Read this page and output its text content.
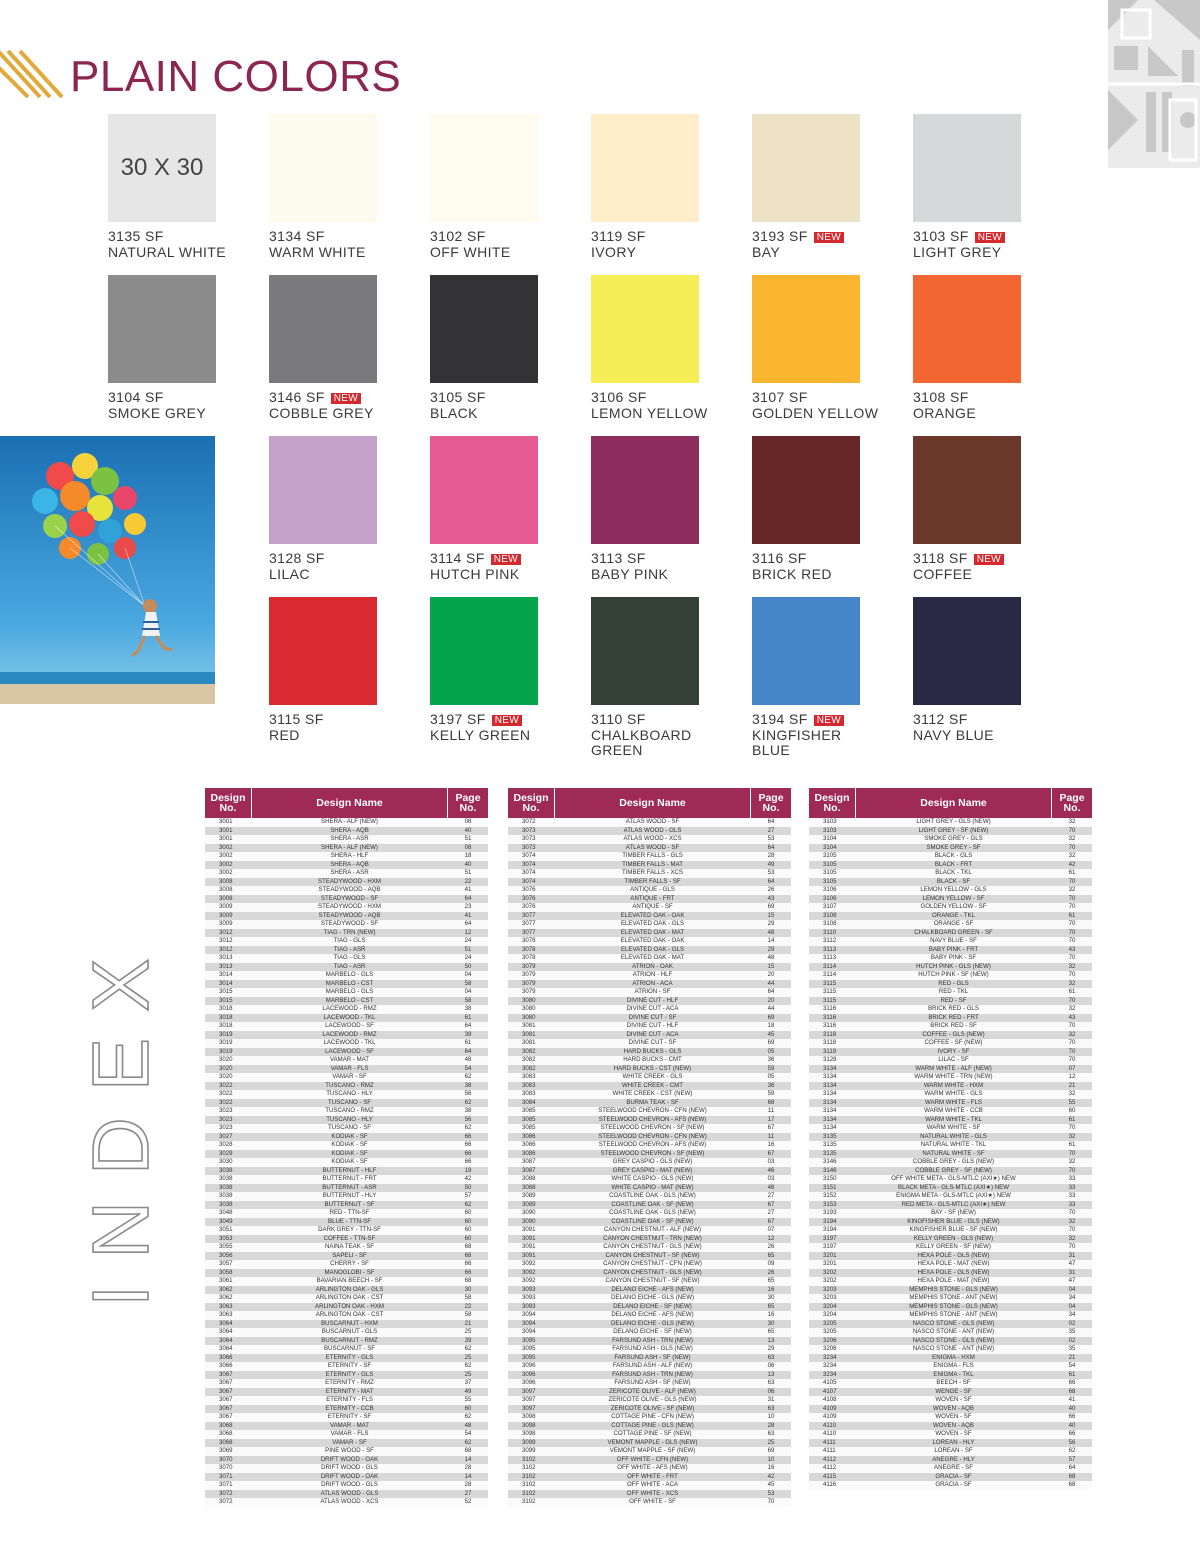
PLAIN COLORS
30 X 30
3135 SF
NATURAL WHITE
3134 SF
WARM WHITE
3102 SF
OFF WHITE
3119 SF
IVORY
3193 SF NEW
BAY
3103 SF NEW
LIGHT GREY
3104 SF
SMOKE GREY
3146 SF NEW
COBBLE GREY
3105 SF
BLACK
3106 SF
LEMON YELLOW
3107 SF
GOLDEN YELLOW
3108 SF
ORANGE
3128 SF
LILAC
3114 SF NEW
HUTCH PINK
3113 SF
BABY PINK
3116 SF
BRICK RED
3118 SF NEW
COFFEE
3115 SF
RED
3197 SF NEW
KELLY GREEN
3110 SF
CHALKBOARD GREEN
3194 SF NEW
KINGFISHER BLUE
3112 SF
NAVY BLUE
INDEX
Design No.	Design Name	Page No.
3001	SHERA - ALF (NEW)	08
3001	SHERA - AQB	40
3001	SHERA - ASR	51
3002	SHERA - ALF (NEW)	08
3002	SHERA - HLF	18
3002	SHERA - AQB	40
3002	SHERA - ASR	51
3008	STEADYWOOD - HXM	22
3008	STEADYWOOD - AQB	41
3008	STEADYWOOD - SF	64
3009	STEADYWOOD - HXM	23
3009	STEADYWOOD - AQB	41
3009	STEADYWOOD - SF	64
3012	TIAG - TRN (NEW)	12
3012	TIAG - GLS	24
3012	TIAG - ASR	51
3013	TIAG - GLS	24
3013	TIAG - ASR	50
3014	MARBELO - GLS	04
3014	MARBELO - CST	58
3015	MARBELO - GLS	04
3015	MARBELO - CST	58
3018	LACEWOOD - RMZ	38
3018	LACEWOOD - TKL	61
3018	LACEWOOD - SF	64
3019	LACEWOOD - RMZ	39
3019	LACEWOOD - TKL	61
3019	LACEWOOD - SF	64
3020	VAMAR - MAT	48
3020	VAMAR - FLS	54
3020	VAMAR - SF	62
3022	TUSCANO - RMZ	38
3022	TUSCANO - HLY	56
3022	TUSCANO - SF	62
3023	TUSCANO - RMZ	38
3023	TUSCANO - HLY	56
3023	TUSCANO - SF	62
3027	KODIAK - SF	66
3028	KODIAK - SF	66
3029	KODIAK - SF	66
3030	KODIAK - SF	66
3038	BUTTERNUT - HLF	19
3038	BUTTERNUT - FRT	42
3038	BUTTERNUT - ASR	50
3038	BUTTERNUT - HLY	57
3038	BUTTERNUT - SF	62
3048	RED - TTN-SF	60
3049	BLUE - TTN-SF	60
3051	DARK GREY - TTN-SF	60
3053	COFFEE - TTN-SF	60
3055	NAINA TEAK - SF	68
3056	SAPELI - SF	68
3057	CHERRY - SF	66
3058	MANOGLOBI - SF	66
3061	BAVARIAN BEECH - SF	68
3062	ARLINGTON OAK - GLS	30
3062	ARLINGTON OAK - CST	58
3063	ARLINGTON OAK - HXM	22
3063	ARLINGTON OAK - CST	58
3064	BUSCARNUT - HXM	21
3064	BUSCARNUT - GLS	25
3064	BUSCARNUT - RMZ	39
3064	BUSCARNUT - SF	62
3066	ETERNITY - GLS	25
3066	ETERNITY - SF	62
3067	ETERNITY - GLS	25
3067	ETERNITY - RMZ	37
3067	ETERNITY - MAT	49
3067	ETERNITY - FLS	55
3067	ETERNITY - CCB	60
3067	ETERNITY - SF	62
3068	VAMAR - MAT	48
3068	VAMAR - FLS	54
3068	VAMAR - SF	62
3069	PINE WOOD - SF	68
3070	DRIFT WOOD - OAK	14
3070	DRIFT WOOD - GLS	28
3071	DRIFT WOOD - OAK	14
3071	DRIFT WOOD - GLS	28
3072	ATLAS WOOD - GLS	27
3072	ATLAS WOOD - XCS	52
Design No.	Design Name	Page No.
3072	ATLAS WOOD - SF	64
3073	ATLAS WOOD - GLS	27
3073	ATLAS WOOD - XCS	53
3073	ATLAS WOOD - SF	64
3074	TIMBER FALLS - GLS	28
3074	TIMBER FALLS - MAT	49
3074	TIMBER FALLS - XCS	53
3074	TIMBER FALLS - SF	64
3076	ANTIQUE - GLS	26
3076	ANTIQUE - FRT	43
3076	ANTIQUE - SF	69
3077	ELEVATED OAK - OAK	15
3077	ELEVATED OAK - GLS	29
3077	ELEVATED OAK - MAT	48
3078	ELEVATED OAK - OAK	14
3078	ELEVATED OAK - GLS	29
3078	ELEVATED OAK - MAT	48
3079	ATRION - OAK	15
3079	ATRION - HLF	20
3079	ATRION - ACA	44
3079	ATRION - SF	64
3080	DIVINE CUT - HLF	20
3080	DIVINE CUT - ACA	44
3080	DIVINE CUT - SF	69
3081	DIVINE CUT - HLF	18
3081	DIVINE CUT - ACA	45
3081	DIVINE CUT - SF	69
3082	HARD BUCKS - GLS	05
3082	HARD BUCKS - CMT	36
3082	HARD BUCKS - CST (NEW)	59
3083	WHITE CREEK - GLS	05
3083	WHITE CREEK - CMT	36
3083	WHITE CREEK - CST (NEW)	59
3084	BURMA TEAK - SF	68
3085	STEELWOOD CHEVRON - CFN (NEW)	11
3085	STEELWOOD CHEVRON - AFS (NEW)	17
3085	STEELWOOD CHEVRON - SF (NEW)	67
3086	STEELWOOD CHEVRON - CFN (NEW)	11
3086	STEELWOOD CHEVRON - AFS (NEW)	16
3086	STEELWOOD CHEVRON - SF (NEW)	67
3087	GREY CASPIO - GLS (NEW)	03
3087	GREY CASPIO - MAT (NEW)	46
3088	WHITE CASPIO - GLS (NEW)	03
3088	WHITE CASPIO - MAT (NEW)	46
3089	COASTLINE OAK - GLS (NEW)	27
3089	COASTLINE OAK - SF (NEW)	67
3090	COASTLINE OAK - GLS (NEW)	27
3090	COASTLINE OAK - SF (NEW)	67
3091	CANYON CHESTNUT - ALF (NEW)	07
3091	CANYON CHESTNUT - TRN (NEW)	12
3091	CANYON CHESTNUT - GLS (NEW)	26
3091	CANYON CHESTNUT - SF (NEW)	65
3092	CANYON CHESTNUT - CFN (NEW)	09
3092	CANYON CHESTNUT - GLS (NEW)	26
3092	CANYON CHESTNUT - SF (NEW)	65
3093	DELANO EICHE - AFS (NEW)	16
3093	DELANO EICHE - GLS (NEW)	30
3093	DELANO EICHE - SF (NEW)	65
3094	DELANO EICHE - AFS (NEW)	16
3094	DELANO EICHE - GLS (NEW)	30
3094	DELANO EICHE - SF (NEW)	65
3095	FARSUND ASH - TRN (NEW)	13
3095	FARSUND ASH - GLS (NEW)	29
3095	FARSUND ASH - SF (NEW)	63
3096	FARSUND ASH - ALF (NEW)	06
3096	FARSUND ASH - TRN (NEW)	13
3096	FARSUND ASH - SF (NEW)	63
3097	ZERICOTE OLIVE - ALF (NEW)	06
3097	ZERICOTE OLIVE - GLS (NEW)	31
3097	ZERICOTE OLIVE - SF (NEW)	63
3098	COTTAGE PINE - CFN (NEW)	10
3098	COTTAGE PINE - GLS (NEW)	28
3098	COTTAGE PINE - SF (NEW)	63
3099	VEMONT MAPPLE - GLS (NEW)	25
3099	VEMONT MAPPLE - SF (NEW)	69
3102	OFF WHITE - CFN (NEW)	10
3102	OFF WHITE - AFS (NEW)	16
3102	OFF WHITE - FRT	42
3102	OFF WHITE - ACA	45
3102	OFF WHITE - XCS	53
3102	OFF WHITE - SF	70
Design No.	Design Name	Page No.
3103	LIGHT GREY - GLS (NEW)	32
3103	LIGHT GREY - SF (NEW)	70
3104	SMOKE GREY - GLS	32
3104	SMOKE GREY - SF	70
3105	BLACK - GLS	32
3105	BLACK - FRT	42
3105	BLACK - TKL	61
3105	BLACK - SF	70
3106	LEMON YELLOW - GLS	32
3106	LEMON YELLOW - SF	70
3107	GOLDEN YELLOW - SF	70
3108	ORANGE - TKL	61
3108	ORANGE - SF	70
3110	CHALKBOARD GREEN - SF	70
3112	NAVY BLUE - SF	70
3113	BABY PINK - FRT	43
3113	BABY PINK - SF	70
3114	HUTCH PINK - GLS (NEW)	32
3114	HUTCH PINK - SF (NEW)	70
3115	RED - GLS	32
3115	RED - TKL	61
3115	RED - SF	70
3116	BRICK RED - GLS	32
3116	BRICK RED - FRT	43
3116	BRICK RED - SF	70
3118	COFFEE - GLS (NEW)	32
3118	COFFEE - SF (NEW)	70
3119	IVORY - SF	70
3128	LILAC - SF	70
3134	WARM WHITE - ALF (NEW)	07
3134	WARM WHITE - TRN (NEW)	12
3134	WARM WHITE - HXM	21
3134	WARM WHITE - GLS	32
3134	WARM WHITE - FLS	55
3134	WARM WHITE - CCB	60
3134	WARM WHITE - TKL	61
3134	WARM WHITE - SF	70
3135	NATURAL WHITE - GLS	32
3135	NATURAL WHITE - TKL	61
3135	NATURAL WHITE - SF	70
3146	COBBLE GREY - GLS (NEW)	32
3146	COBBLE GREY - SF (NEW)	70
3150	OFF WHITE META - GLS-MTLC (AXI★) NEW	33
3151	BLACK META - GLS-MTLC (AXI★) NEW	33
3152	ENIGMA META - GLS-MTLC (AXI★) NEW	33
3153	RED META - GLS-MTLC (AXI★) NEW	33
3193	BAY - SF (NEW)	70
3194	KINGFISHER BLUE - GLS (NEW)	32
3194	KINGFISHER BLUE - SF (NEW)	70
3197	KELLY GREEN - GLS (NEW)	32
3197	KELLY GREEN - SF (NEW)	70
3201	HEXA POLE - GLS (NEW)	31
3201	HEXA POLE - MAT (NEW)	47
3202	HEXA POLE - GLS (NEW)	31
3202	HEXA POLE - MAT (NEW)	47
3203	MEMPHIS STONE - GLS (NEW)	04
3203	MEMPHIS STONE - ANT (NEW)	34
3204	MEMPHIS STONE - GLS (NEW)	04
3204	MEMPHIS STONE - ANT (NEW)	34
3205	NASCO STONE - GLS (NEW)	02
3205	NASCO STONE - ANT (NEW)	35
3206	NASCO STONE - GLS (NEW)	02
3206	NASCO STONE - ANT (NEW)	35
3234	ENIGMA - HXM	21
3234	ENIGMA - FLS	54
3234	ENIGMA - TKL	61
4105	BEECH - SF	66
4107	WENGE - SF	68
4108	WOVEN - SF	41
4109	WOVEN - AQB	40
4109	WOVEN - SF	66
4110	WOVEN - AQB	40
4110	WOVEN - SF	66
4111	LOREAN - HLY	56
4111	LOREAN - SF	62
4112	ANEGRE - HLY	57
4112	ANEGRE - SF	64
4115	GRACIA - SF	68
4116	GRACIA - SF	68
